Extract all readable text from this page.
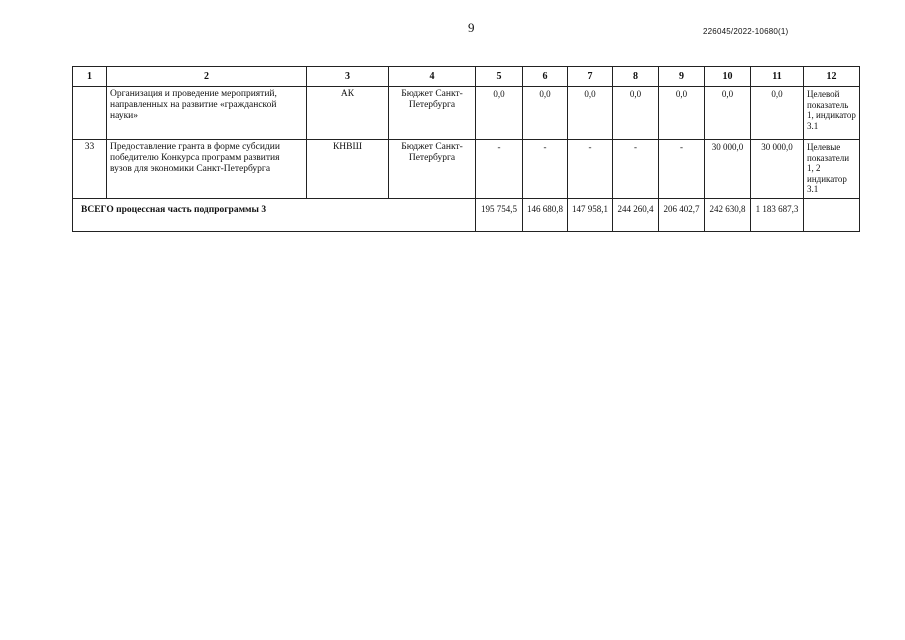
9	226045/2022-10680(1)
1	2	3	4	5	6	7	8	9	10	11	12
	Организация и проведение мероприятий, направленных на развитие «гражданской науки»	АК	Бюджет Санкт-Петербурга	0,0	0,0	0,0	0,0	0,0	0,0	0,0	Целевой показатель 1, индикатор 3.1
33	Предоставление гранта в форме субсидии победителю Конкурса программ развития вузов для экономики Санкт-Петербурга	КНВШ	Бюджет Санкт-Петербурга	-	-	-	-	-	30 000,0	30 000,0	Целевые показатели 1, 2 индикатор 3.1
ВСЕГО процессная часть подпрограммы 3				195 754,5	146 680,8	147 958,1	244 260,4	206 402,7	242 630,8	1 183 687,3	
